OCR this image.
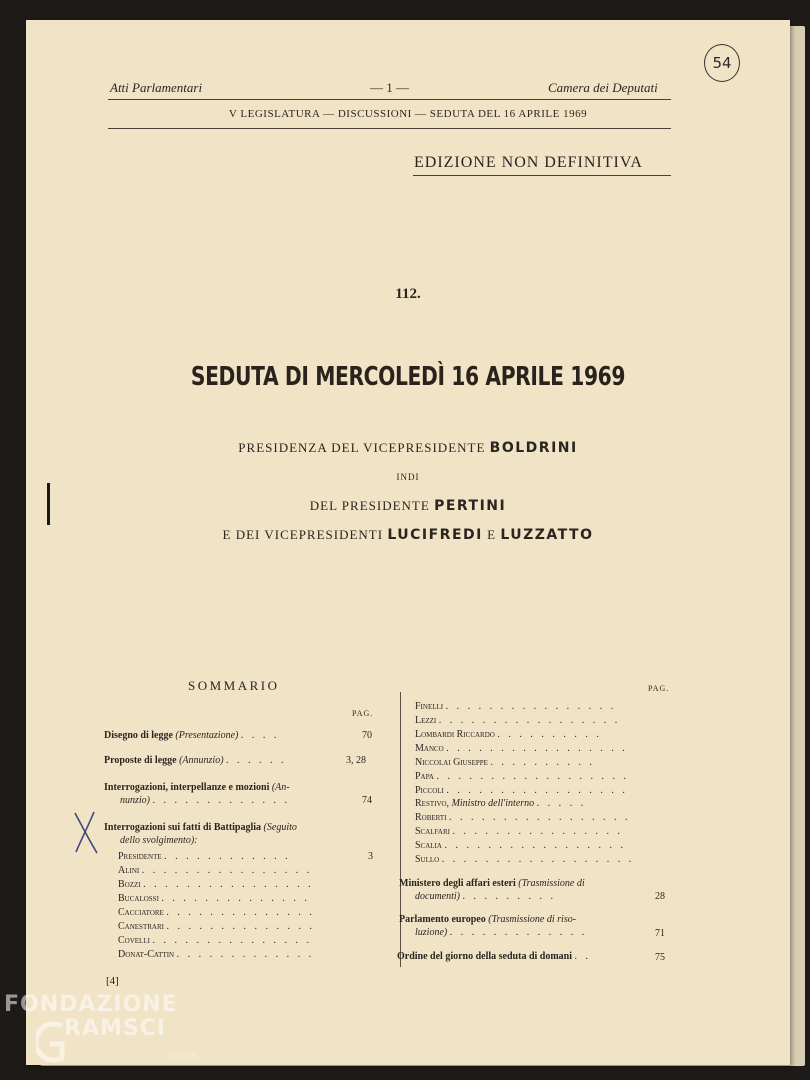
54
Atti Parlamentari	— 1 —	Camera dei Deputati
V LEGISLATURA — DISCUSSIONI — SEDUTA DEL 16 APRILE 1969
EDIZIONE NON DEFINITIVA
112.
SEDUTA DI MERCOLEDÌ 16 APRILE 1969
PRESIDENZA DEL VICEPRESIDENTE BOLDRINI
INDI
DEL PRESIDENTE PERTINI
E DEI VICEPRESIDENTI LUCIFREDI E LUZZATTO
SOMMARIO
PAG.
PAG.
Disegno di legge (Presentazione) . . . .	70
Proposte di legge (Annunzio) . . . . . .	3, 28
Interrogazioni, interpellanze e mozioni (An-
nunzio) . . . . . . . . . . . . .	74
Interrogazioni sui fatti di Battipaglia (Seguito
dello svolgimento):
Presidente . . . . . . . . . . . .	3
Alini . . . . . . . . . . . . . . . .
Bozzi . . . . . . . . . . . . . . . .
Bucalossi . . . . . . . . . . . . . .
Cacciatore . . . . . . . . . . . . . .
Canestrari . . . . . . . . . . . . . .
Covelli . . . . . . . . . . . . . . .
Donat-Cattin . . . . . . . . . . . . .
Finelli . . . . . . . . . . . . . . . .
Lezzi . . . . . . . . . . . . . . . . .
Lombardi Riccardo . . . . . . . . . .
Manco . . . . . . . . . . . . . . . . .
Niccolai Giuseppe . . . . . . . . . .
Papa . . . . . . . . . . . . . . . . . .
Piccoli . . . . . . . . . . . . . . . . .
Restivo, Ministro dell'interno . . . . .
Roberti . . . . . . . . . . . . . . . . .
Scalfari . . . . . . . . . . . . . . . .
Scalia . . . . . . . . . . . . . . . . .
Sullo . . . . . . . . . . . . . . . . . .
Ministero degli affari esteri (Trasmissione di
documenti) . . . . . . . . .	28
Parlamento europeo (Trasmissione di riso-
luzione) . . . . . . . . . . . . .	71
Ordine del giorno della seduta di domani . .	75
[4]
FONDAZIONE
RAMSCI
onlus
